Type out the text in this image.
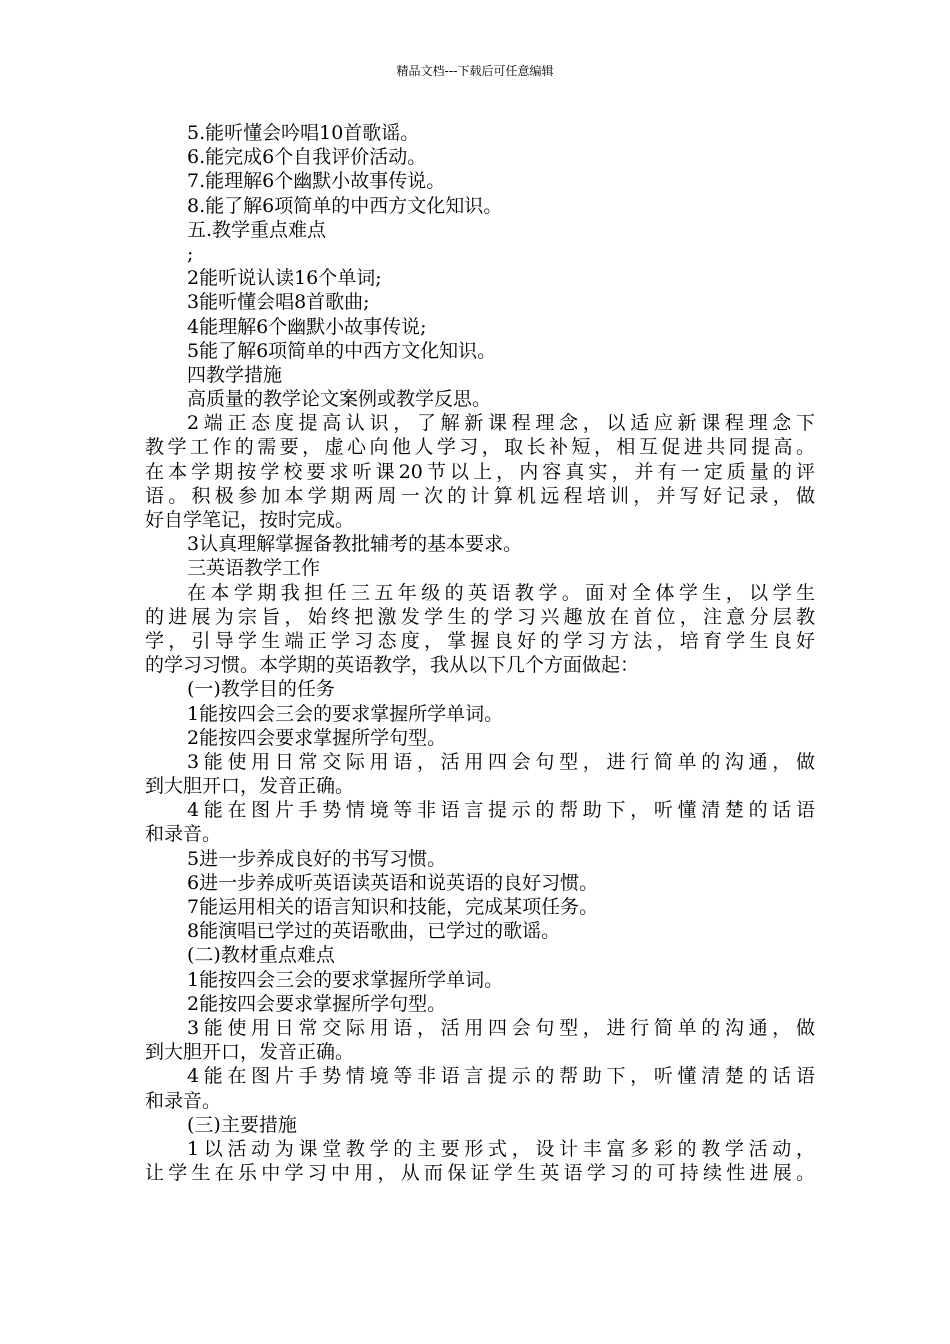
精品文档---下载后可任意编辑
5.能听懂会吟唱10首歌谣。
6.能完成6个自我评价活动。
7.能理解6个幽默小故事传说。
8.能了解6项简单的中西方文化知识。
五.教学重点难点
;
2能听说认读16个单词;
3能听懂会唱8首歌曲;
4能理解6个幽默小故事传说;
5能了解6项简单的中西方文化知识。
四教学措施
高质量的教学论文案例或教学反思。
2端正态度提高认识，了解新课程理念，以适应新课程理念下
教学工作的需要，虚心向他人学习，取长补短，相互促进共同提高。
在本学期按学校要求听课20节以上，内容真实，并有一定质量的评
语。积极参加本学期两周一次的计算机远程培训，并写好记录，做
好自学笔记，按时完成。
3认真理解掌握备教批辅考的基本要求。
三英语教学工作
在本学期我担任三五年级的英语教学。面对全体学生，以学生
的进展为宗旨，始终把激发学生的学习兴趣放在首位，注意分层教
学，引导学生端正学习态度，掌握良好的学习方法，培育学生良好
的学习习惯。本学期的英语教学，我从以下几个方面做起：
(一)教学目的任务
1能按四会三会的要求掌握所学单词。
2能按四会要求掌握所学句型。
3能使用日常交际用语，活用四会句型，进行简单的沟通，做
到大胆开口，发音正确。
4能在图片手势情境等非语言提示的帮助下，听懂清楚的话语
和录音。
5进一步养成良好的书写习惯。
6进一步养成听英语读英语和说英语的良好习惯。
7能运用相关的语言知识和技能，完成某项任务。
8能演唱已学过的英语歌曲，已学过的歌谣。
(二)教材重点难点
1能按四会三会的要求掌握所学单词。
2能按四会要求掌握所学句型。
3能使用日常交际用语，活用四会句型，进行简单的沟通，做
到大胆开口，发音正确。
4能在图片手势情境等非语言提示的帮助下，听懂清楚的话语
和录音。
(三)主要措施
1以活动为课堂教学的主要形式，设计丰富多彩的教学活动，
让学生在乐中学习中用，从而保证学生英语学习的可持续性进展。
